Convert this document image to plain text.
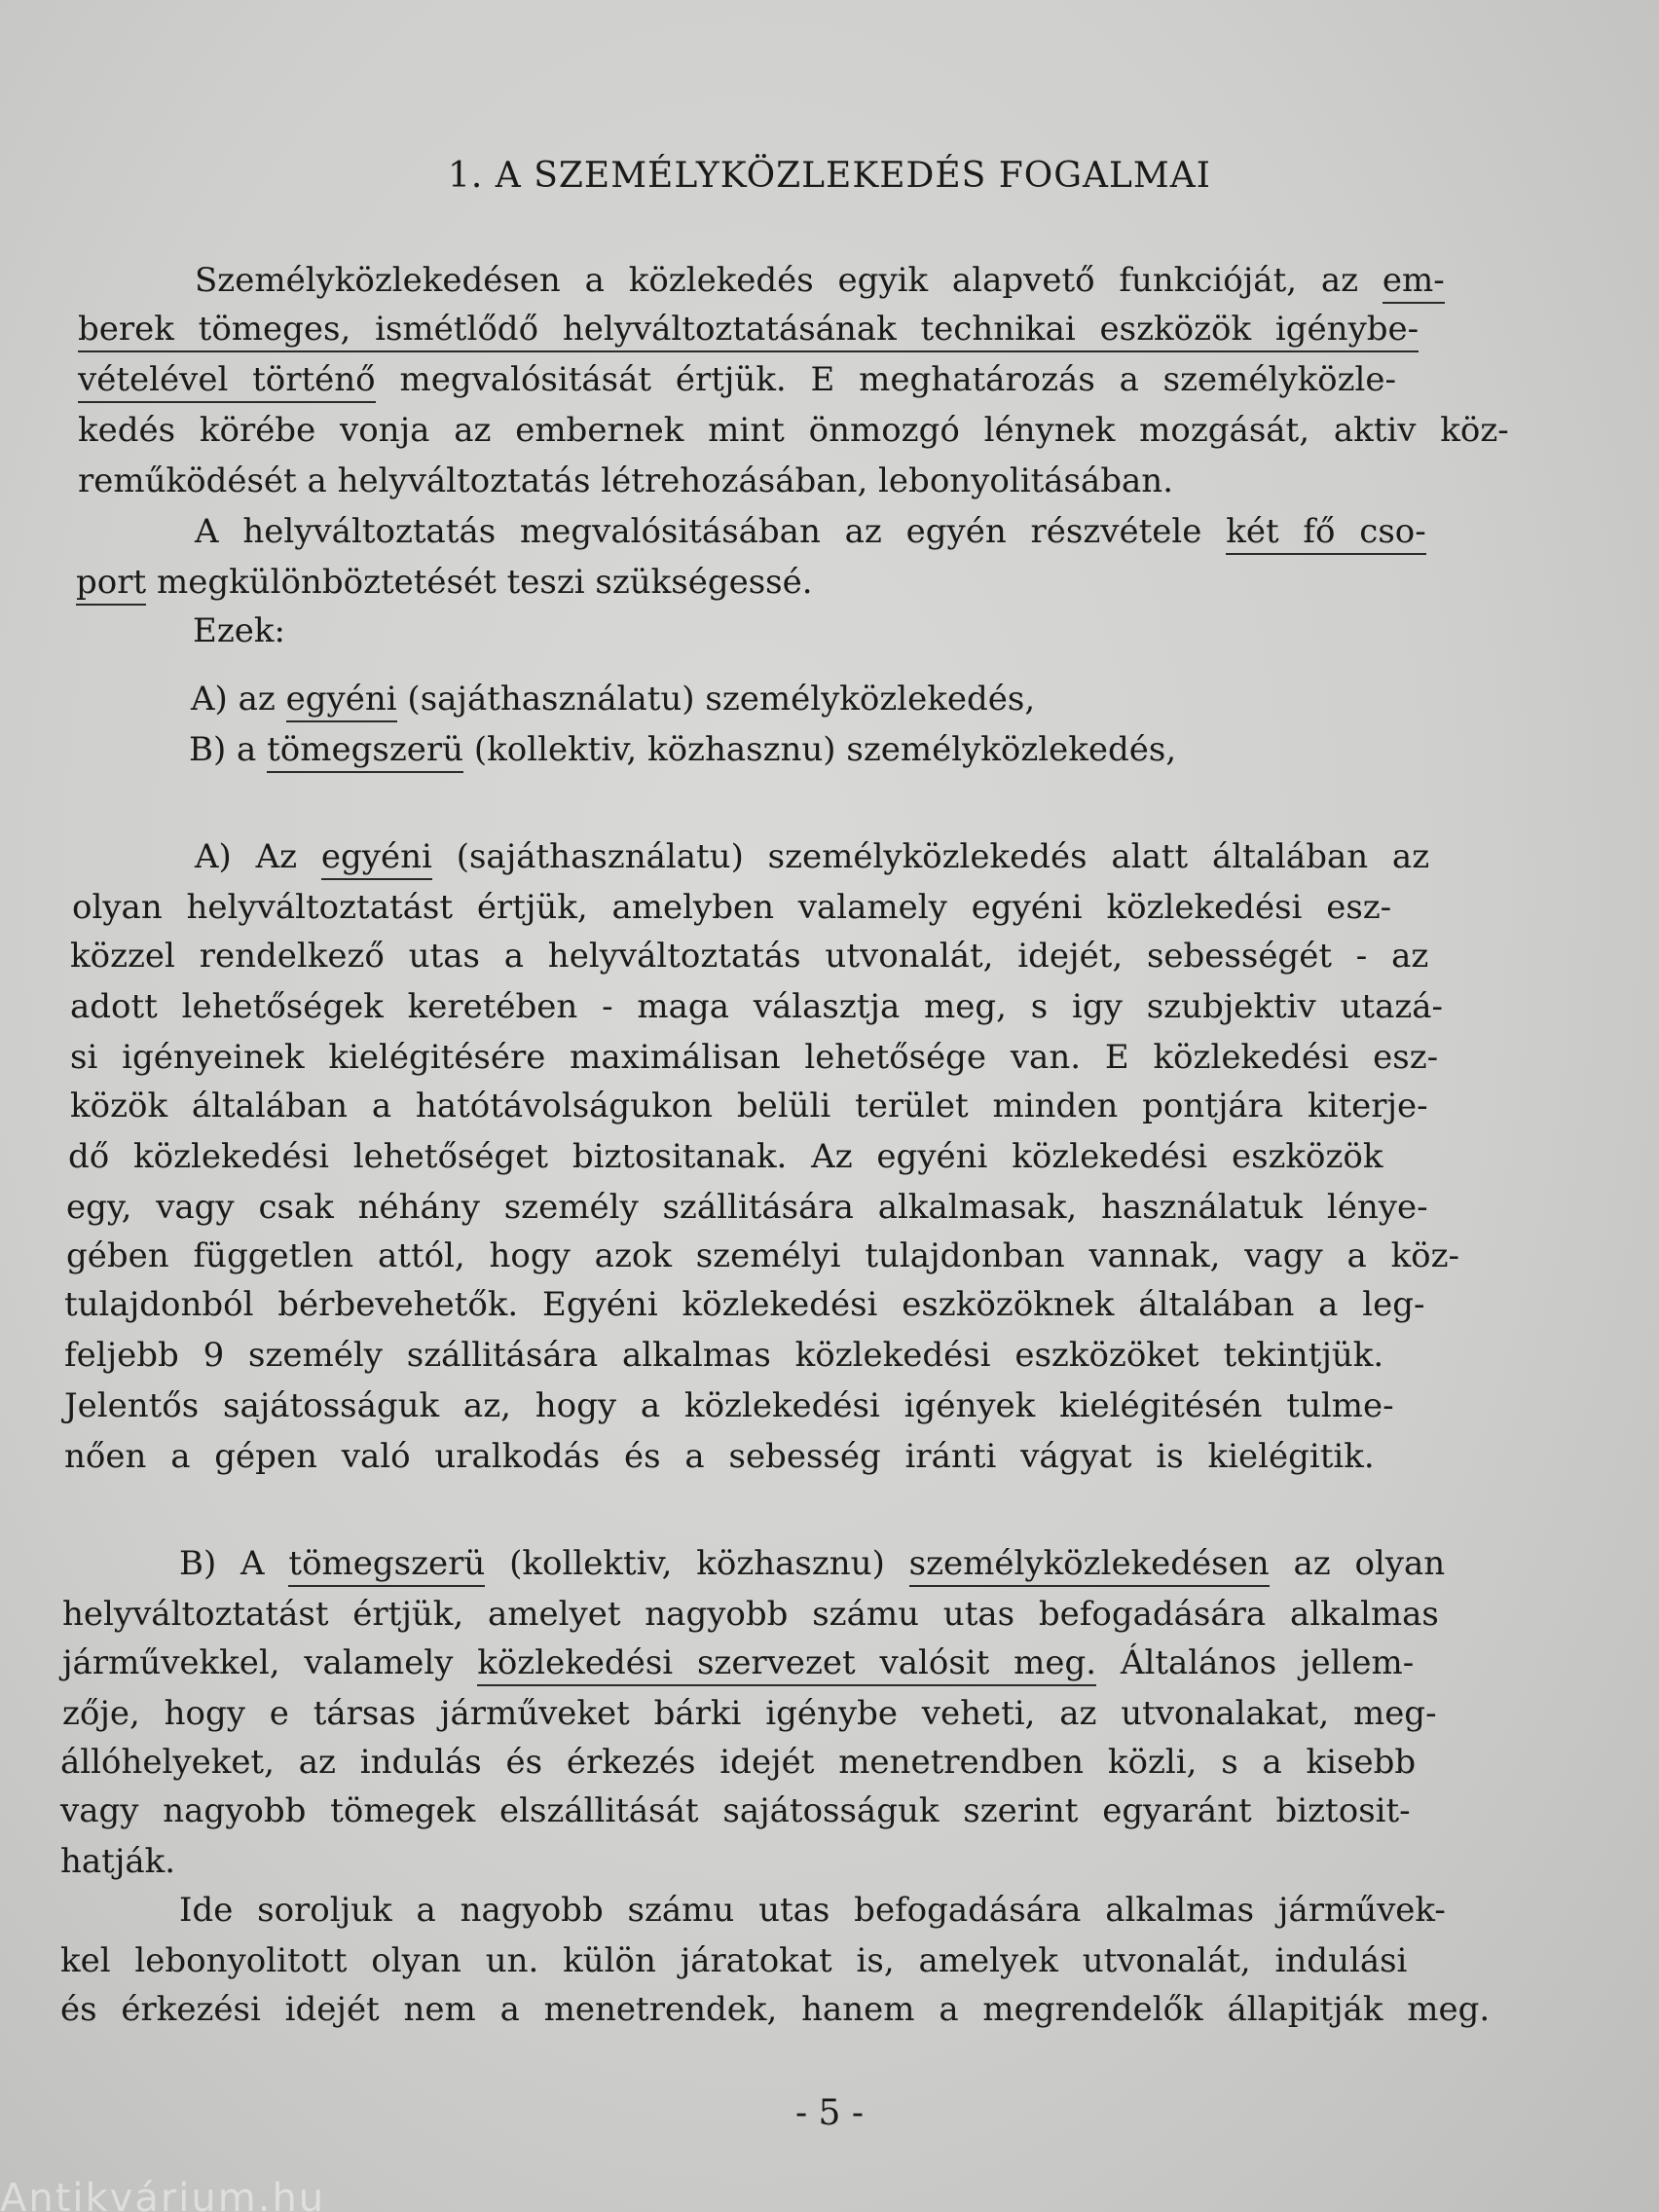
1. A SZEMÉLYKÖZLEKEDÉS FOGALMAI
Személyközlekedésen a közlekedés egyik alapvető funkcióját, az em-
berek tömeges, ismétlődő helyváltoztatásának technikai eszközök igénybe-
vételével történő megvalósitását értjük. E meghatározás a személyközle-
kedés körébe vonja az embernek mint önmozgó lénynek mozgását, aktiv köz-
reműködését a helyváltoztatás létrehozásában, lebonyolitásában.
A helyváltoztatás megvalósitásában az egyén részvétele két fő cso-
port megkülönböztetését teszi szükségessé.
Ezek:
A) az egyéni (sajáthasználatu) személyközlekedés,
B) a tömegszerü (kollektiv, közhasznu) személyközlekedés,
A) Az egyéni (sajáthasználatu) személyközlekedés alatt általában az
olyan helyváltoztatást értjük, amelyben valamely egyéni közlekedési esz-
közzel rendelkező utas a helyváltoztatás utvonalát, idejét, sebességét - az
adott lehetőségek keretében - maga választja meg, s igy szubjektiv utazá-
si igényeinek kielégitésére maximálisan lehetősége van. E közlekedési esz-
közök általában a hatótávolságukon belüli terület minden pontjára kiterje-
dő közlekedési lehetőséget biztositanak. Az egyéni közlekedési eszközök
egy, vagy csak néhány személy szállitására alkalmasak, használatuk lénye-
gében független attól, hogy azok személyi tulajdonban vannak, vagy a köz-
tulajdonból bérbevehetők. Egyéni közlekedési eszközöknek általában a leg-
feljebb 9 személy szállitására alkalmas közlekedési eszközöket tekintjük.
Jelentős sajátosságuk az, hogy a közlekedési igények kielégitésén tulme-
nően a gépen való uralkodás és a sebesség iránti vágyat is kielégitik.
B) A tömegszerü (kollektiv, közhasznu) személyközlekedésen az olyan
helyváltoztatást értjük, amelyet nagyobb számu utas befogadására alkalmas
járművekkel, valamely közlekedési szervezet valósit meg. Általános jellem-
zője, hogy e társas járműveket bárki igénybe veheti, az utvonalakat, meg-
állóhelyeket, az indulás és érkezés idejét menetrendben közli, s a kisebb
vagy nagyobb tömegek elszállitását sajátosságuk szerint egyaránt biztosit-
hatják.
Ide soroljuk a nagyobb számu utas befogadására alkalmas járművek-
kel lebonyolitott olyan un. külön járatokat is, amelyek utvonalát, indulási
és érkezési idejét nem a menetrendek, hanem a megrendelők állapitják meg.
- 5 -
Antikvárium.hu
